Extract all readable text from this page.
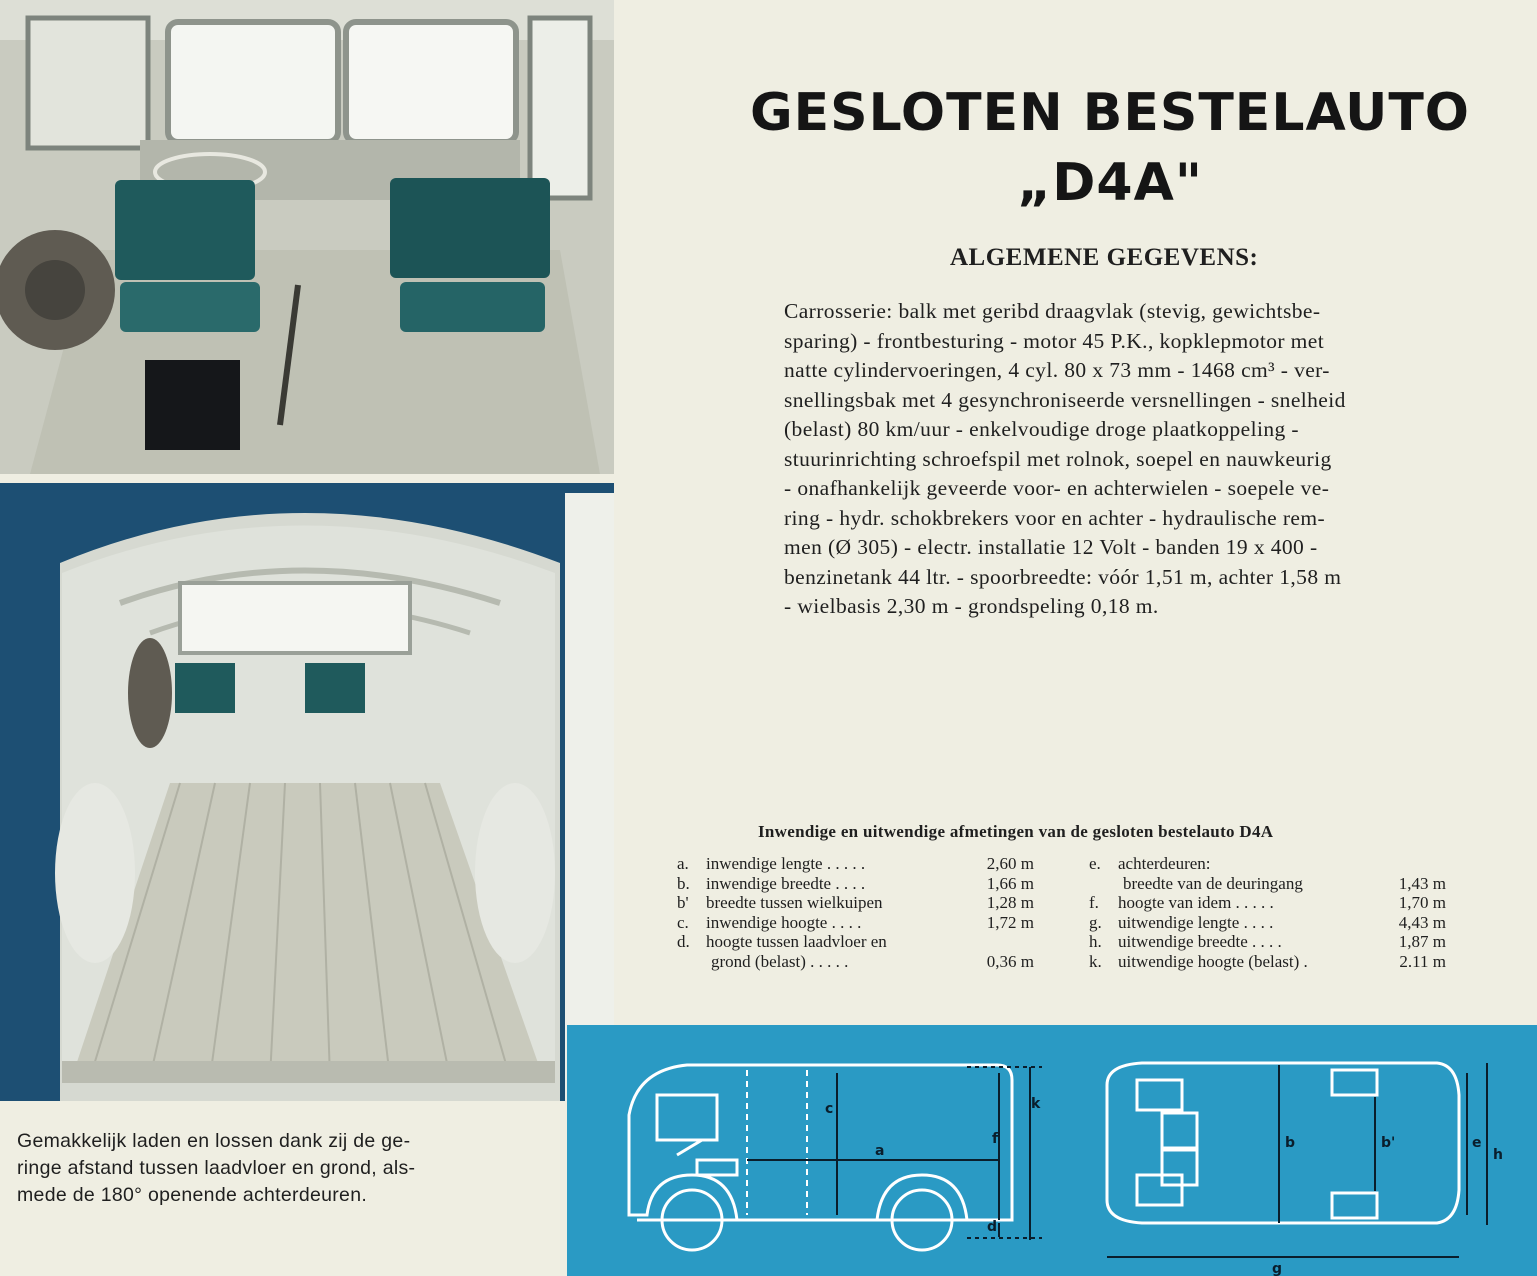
GESLOTEN BESTELAUTO
„D4A"
ALGEMENE GEGEVENS:
Carrosserie: balk met geribd draagvlak (stevig, gewichtsbe-
sparing) - frontbesturing - motor 45 P.K., kopklepmotor met
natte cylindervoeringen, 4 cyl. 80 x 73 mm - 1468 cm³ - ver-
snellingsbak met 4 gesynchroniseerde versnellingen - snelheid
(belast) 80 km/uur - enkelvoudige droge plaatkoppeling -
stuurinrichting schroefspil met rolnok, soepel en nauwkeurig
- onafhankelijk geveerde voor- en achterwielen - soepele ve-
ring - hydr. schokbrekers voor en achter - hydraulische rem-
men (Ø 305) - electr. installatie 12 Volt - banden 19 x 400 -
benzinetank 44 ltr. - spoorbreedte: vóór 1,51 m, achter 1,58 m
- wielbasis 2,30 m - grondspeling 0,18 m.
Inwendige en uitwendige afmetingen van de gesloten bestelauto D4A
a.	inwendige lengte . . . . .	2,60 m
b. inwendige breedte . . . .	1,66 m
b'	breedte tussen wielkuipen	1,28 m
c.	inwendige hoogte . . . .	1,72 m
d. hoogte tussen laadvloer en
grond (belast) . . . . .	0,36 m
e.	achterdeuren:
breedte van de deuringang	1,43 m
f.	hoogte van idem . . . . .	1,70 m
g. uitwendige lengte . . . .	4,43 m
h. uitwendige breedte . . . .	1,87 m
k. uitwendige hoogte (belast) .	2.11 m
Gemakkelijk laden en lossen dank zij de ge-
ringe afstand tussen laadvloer en grond, als-
mede de 180° openende achterdeuren.
a
c
f
k
d
b	b'	e
h
g
